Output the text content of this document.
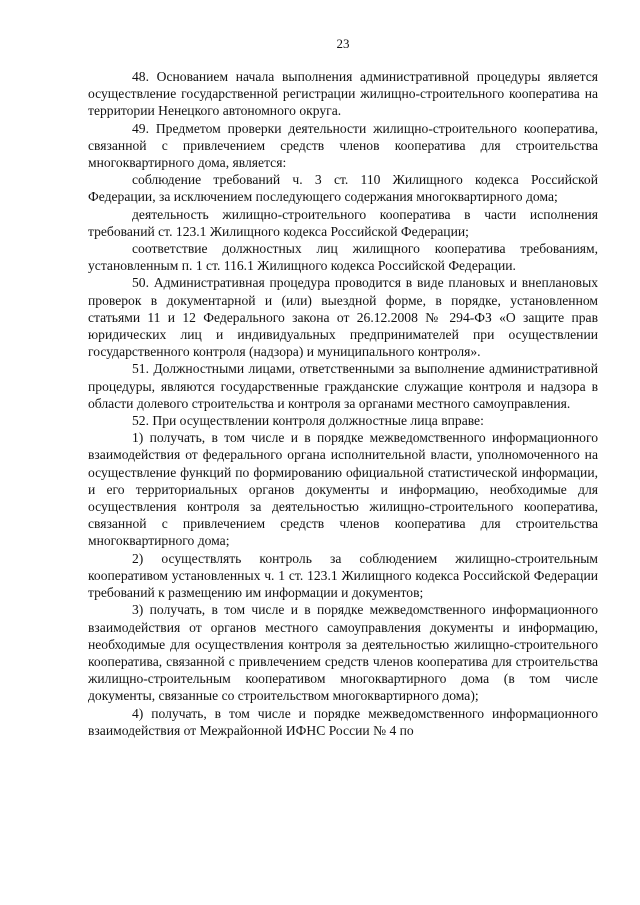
23

48. Основанием начала выполнения административной процедуры является осуществление государственной регистрации жилищно-строительного кооператива на территории Ненецкого автономного округа.

49. Предметом проверки деятельности жилищно-строительного кооператива, связанной с привлечением средств членов кооператива для строительства многоквартирного дома, является:

соблюдение требований ч. 3 ст. 110 Жилищного кодекса Российской Федерации, за исключением последующего содержания многоквартирного дома;

деятельность жилищно-строительного кооператива в части исполнения требований ст. 123.1 Жилищного кодекса Российской Федерации;

соответствие должностных лиц жилищного кооператива требованиям, установленным п. 1 ст. 116.1 Жилищного кодекса Российской Федерации.

50. Административная процедура проводится в виде плановых и внеплановых проверок в документарной и (или) выездной форме, в порядке, установленном статьями 11 и 12 Федерального закона от 26.12.2008 № 294-ФЗ «О защите прав юридических лиц и индивидуальных предпринимателей при осуществлении государственного контроля (надзора) и муниципального контроля».

51. Должностными лицами, ответственными за выполнение административной процедуры, являются государственные гражданские служащие контроля и надзора в области долевого строительства и контроля за органами местного самоуправления.

52. При осуществлении контроля должностные лица вправе:

1) получать, в том числе и в порядке межведомственного информационного взаимодействия от федерального органа исполнительной власти, уполномоченного на осуществление функций по формированию официальной статистической информации, и его территориальных органов документы и информацию, необходимые для осуществления контроля за деятельностью жилищно-строительного кооператива, связанной с привлечением средств членов кооператива для строительства многоквартирного дома;

2) осуществлять контроль за соблюдением жилищно-строительным кооперативом установленных ч. 1 ст. 123.1 Жилищного кодекса Российской Федерации требований к размещению им информации и документов;

3) получать, в том числе и в порядке межведомственного информационного взаимодействия от органов местного самоуправления документы и информацию, необходимые для осуществления контроля за деятельностью жилищно-строительного кооператива, связанной с привлечением средств членов кооператива для строительства жилищно-строительным кооперативом многоквартирного дома (в том числе документы, связанные со строительством многоквартирного дома);

4) получать, в том числе и порядке межведомственного информационного взаимодействия от Межрайонной ИФНС России № 4 по
